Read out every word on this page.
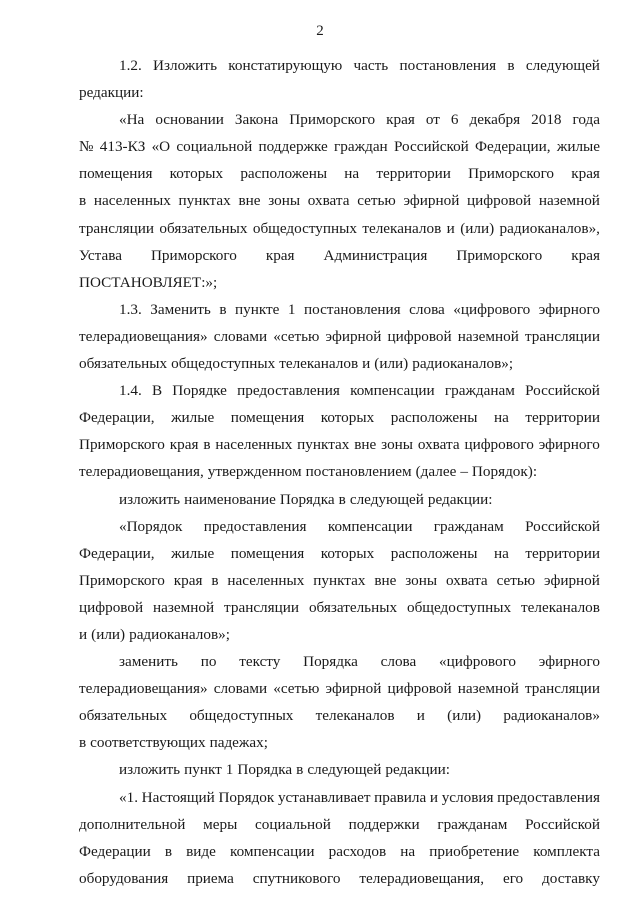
2
1.2. Изложить констатирующую часть постановления в следующей
редакции:
«На основании Закона Приморского края от 6 декабря 2018 года
№ 413-КЗ «О социальной поддержке граждан Российской Федерации, жилые
помещения которых расположены на территории Приморского края
в населенных пунктах вне зоны охвата сетью эфирной цифровой наземной
трансляции обязательных общедоступных телеканалов и (или) радиоканалов»,
Устава Приморского края Администрация Приморского края
ПОСТАНОВЛЯЕТ:»;
1.3. Заменить в пункте 1 постановления слова «цифрового эфирного
телерадиовещания» словами «сетью эфирной цифровой наземной трансляции
обязательных общедоступных телеканалов и (или) радиоканалов»;
1.4. В Порядке предоставления компенсации гражданам Российской
Федерации, жилые помещения которых расположены на территории
Приморского края в населенных пунктах вне зоны охвата цифрового эфирного
телерадиовещания, утвержденном постановлением (далее – Порядок):
изложить наименование Порядка в следующей редакции:
«Порядок предоставления компенсации гражданам Российской
Федерации, жилые помещения которых расположены на территории
Приморского края в населенных пунктах вне зоны охвата сетью эфирной
цифровой наземной трансляции обязательных общедоступных телеканалов
и (или) радиоканалов»;
заменить по тексту Порядка слова «цифрового эфирного
телерадиовещания» словами «сетью эфирной цифровой наземной трансляции
обязательных общедоступных телеканалов и (или) радиоканалов»
в соответствующих падежах;
изложить пункт 1 Порядка в следующей редакции:
«1. Настоящий Порядок устанавливает правила и условия предоставления
дополнительной меры социальной поддержки гражданам Российской
Федерации в виде компенсации расходов на приобретение комплекта
оборудования приема спутникового телерадиовещания, его доставку
